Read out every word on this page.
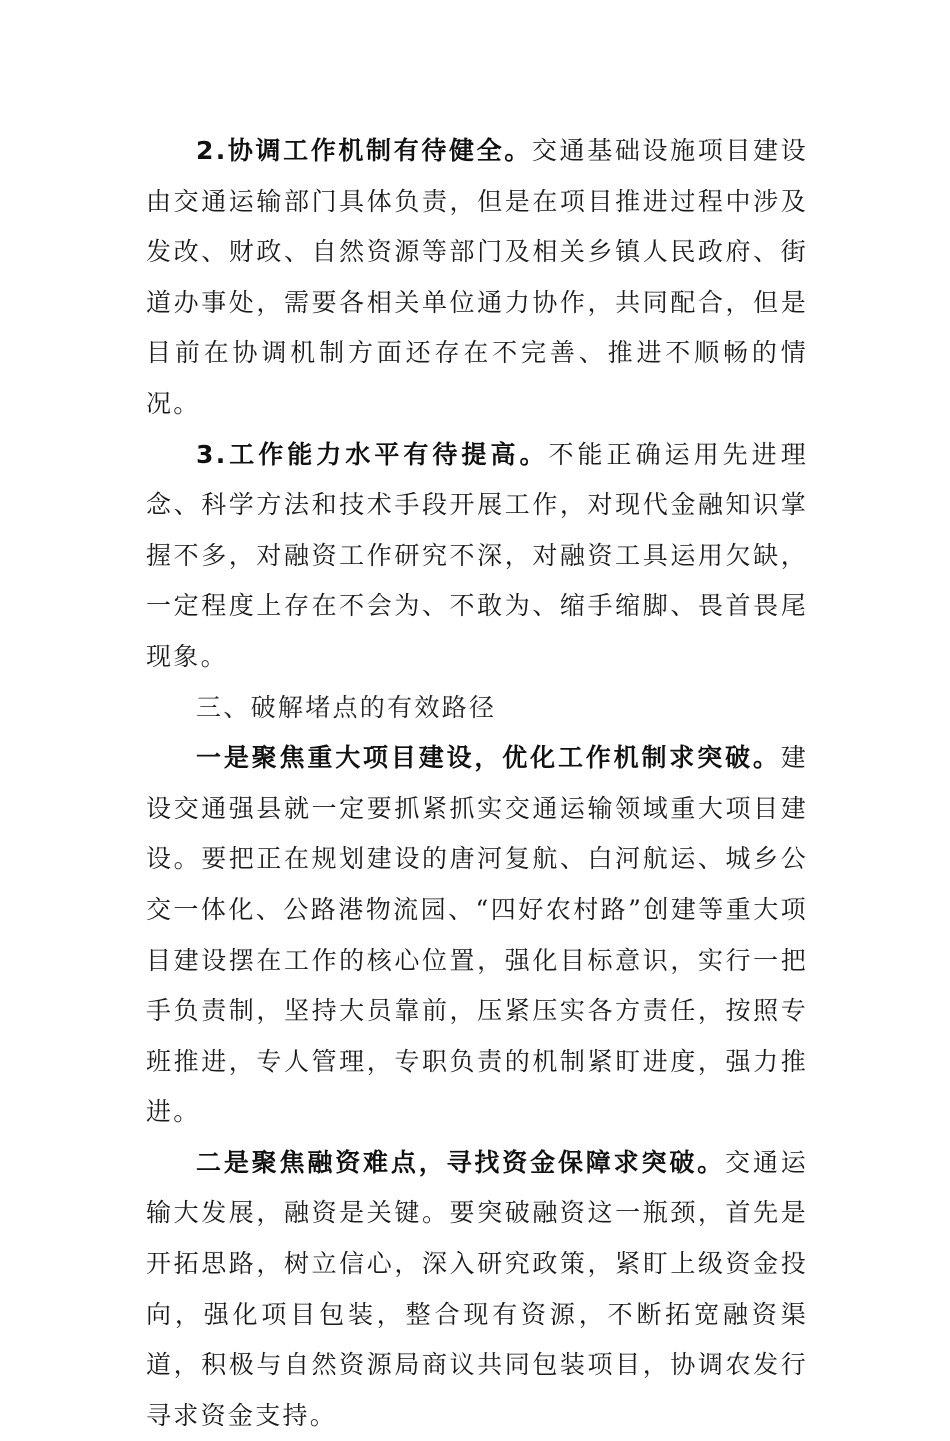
2.协调工作机制有待健全。交通基础设施项目建设由交通运输部门具体负责，但是在项目推进过程中涉及发改、财政、自然资源等部门及相关乡镇人民政府、街道办事处，需要各相关单位通力协作，共同配合，但是目前在协调机制方面还存在不完善、推进不顺畅的情况。

3.工作能力水平有待提高。不能正确运用先进理念、科学方法和技术手段开展工作，对现代金融知识掌握不多，对融资工作研究不深，对融资工具运用欠缺，一定程度上存在不会为、不敢为、缩手缩脚、畏首畏尾现象。

三、破解堵点的有效路径

一是聚焦重大项目建设，优化工作机制求突破。建设交通强县就一定要抓紧抓实交通运输领域重大项目建设。要把正在规划建设的唐河复航、白河航运、城乡公交一体化、公路港物流园、“四好农村路”创建等重大项目建设摆在工作的核心位置，强化目标意识，实行一把手负责制，坚持大员靠前，压紧压实各方责任，按照专班推进，专人管理，专职负责的机制紧盯进度，强力推进。

二是聚焦融资难点，寻找资金保障求突破。交通运输大发展，融资是关键。要突破融资这一瓶颈，首先是开拓思路，树立信心，深入研究政策，紧盯上级资金投向，强化项目包装，整合现有资源，不断拓宽融资渠道，积极与自然资源局商议共同包装项目，协调农发行寻求资金支持。
